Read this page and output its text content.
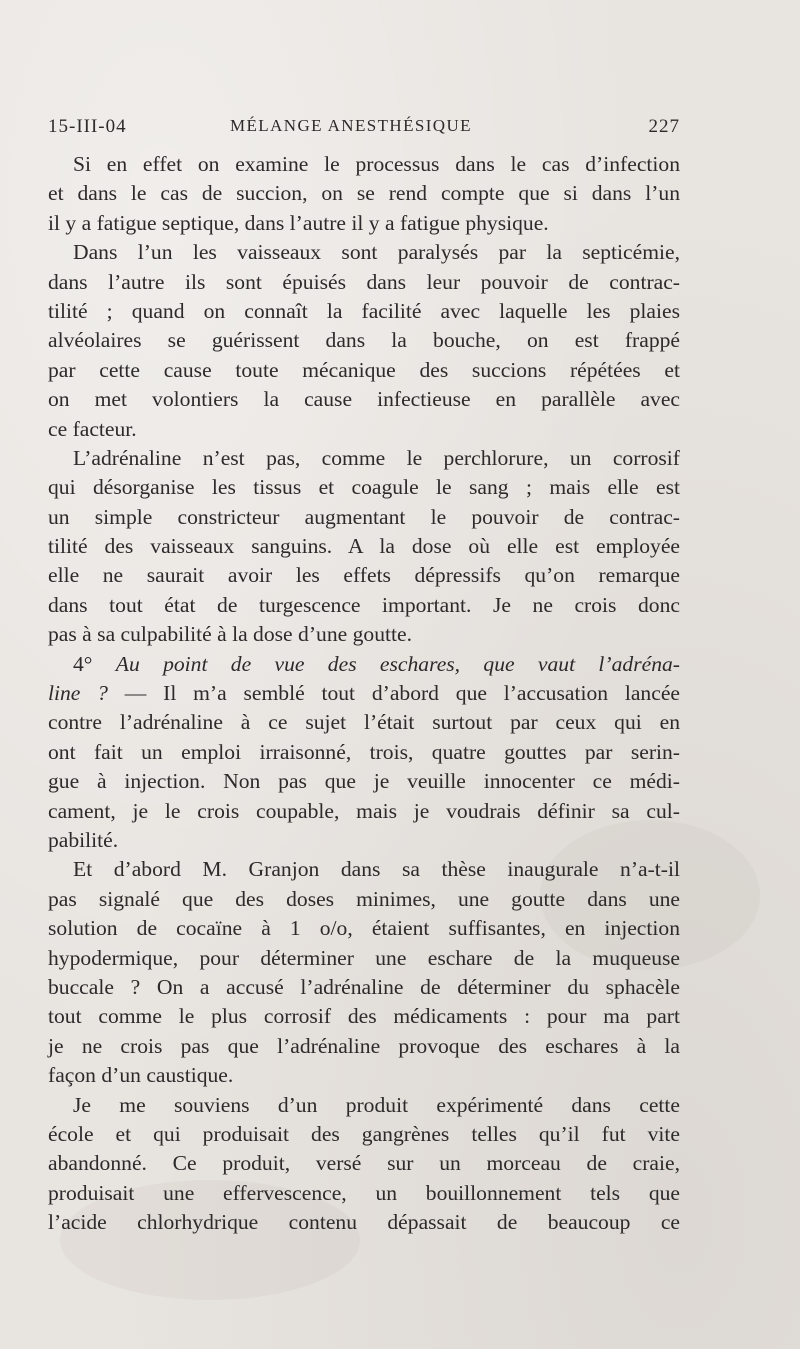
15-III-04	MÉLANGE ANESTHÉSIQUE	227
Si en effet on examine le processus dans le cas d’infection
et dans le cas de succion, on se rend compte que si dans l’un
il y a fatigue septique, dans l’autre il y a fatigue physique.
Dans l’un les vaisseaux sont paralysés par la septicémie,
dans l’autre ils sont épuisés dans leur pouvoir de contrac-
tilité ; quand on connaît la facilité avec laquelle les plaies
alvéolaires se guérissent dans la bouche, on est frappé
par cette cause toute mécanique des succions répétées et
on met volontiers la cause infectieuse en parallèle avec
ce facteur.
L’adrénaline n’est pas, comme le perchlorure, un corrosif
qui désorganise les tissus et coagule le sang ; mais elle est
un simple constricteur augmentant le pouvoir de contrac-
tilité des vaisseaux sanguins. A la dose où elle est employée
elle ne saurait avoir les effets dépressifs qu’on remarque
dans tout état de turgescence important. Je ne crois donc
pas à sa culpabilité à la dose d’une goutte.
4° Au point de vue des eschares, que vaut l’adréna-
line ? — Il m’a semblé tout d’abord que l’accusation lancée
contre l’adrénaline à ce sujet l’était surtout par ceux qui en
ont fait un emploi irraisonné, trois, quatre gouttes par serin-
gue à injection. Non pas que je veuille innocenter ce médi-
cament, je le crois coupable, mais je voudrais définir sa cul-
pabilité.
Et d’abord M. Granjon dans sa thèse inaugurale n’a-t-il
pas signalé que des doses minimes, une goutte dans une
solution de cocaïne à 1 o/o, étaient suffisantes, en injection
hypodermique, pour déterminer une eschare de la muqueuse
buccale ? On a accusé l’adrénaline de déterminer du sphacèle
tout comme le plus corrosif des médicaments : pour ma part
je ne crois pas que l’adrénaline provoque des eschares à la
façon d’un caustique.
Je me souviens d’un produit expérimenté dans cette
école et qui produisait des gangrènes telles qu’il fut vite
abandonné. Ce produit, versé sur un morceau de craie,
produisait une effervescence, un bouillonnement tels que
l’acide chlorhydrique contenu dépassait de beaucoup ce
